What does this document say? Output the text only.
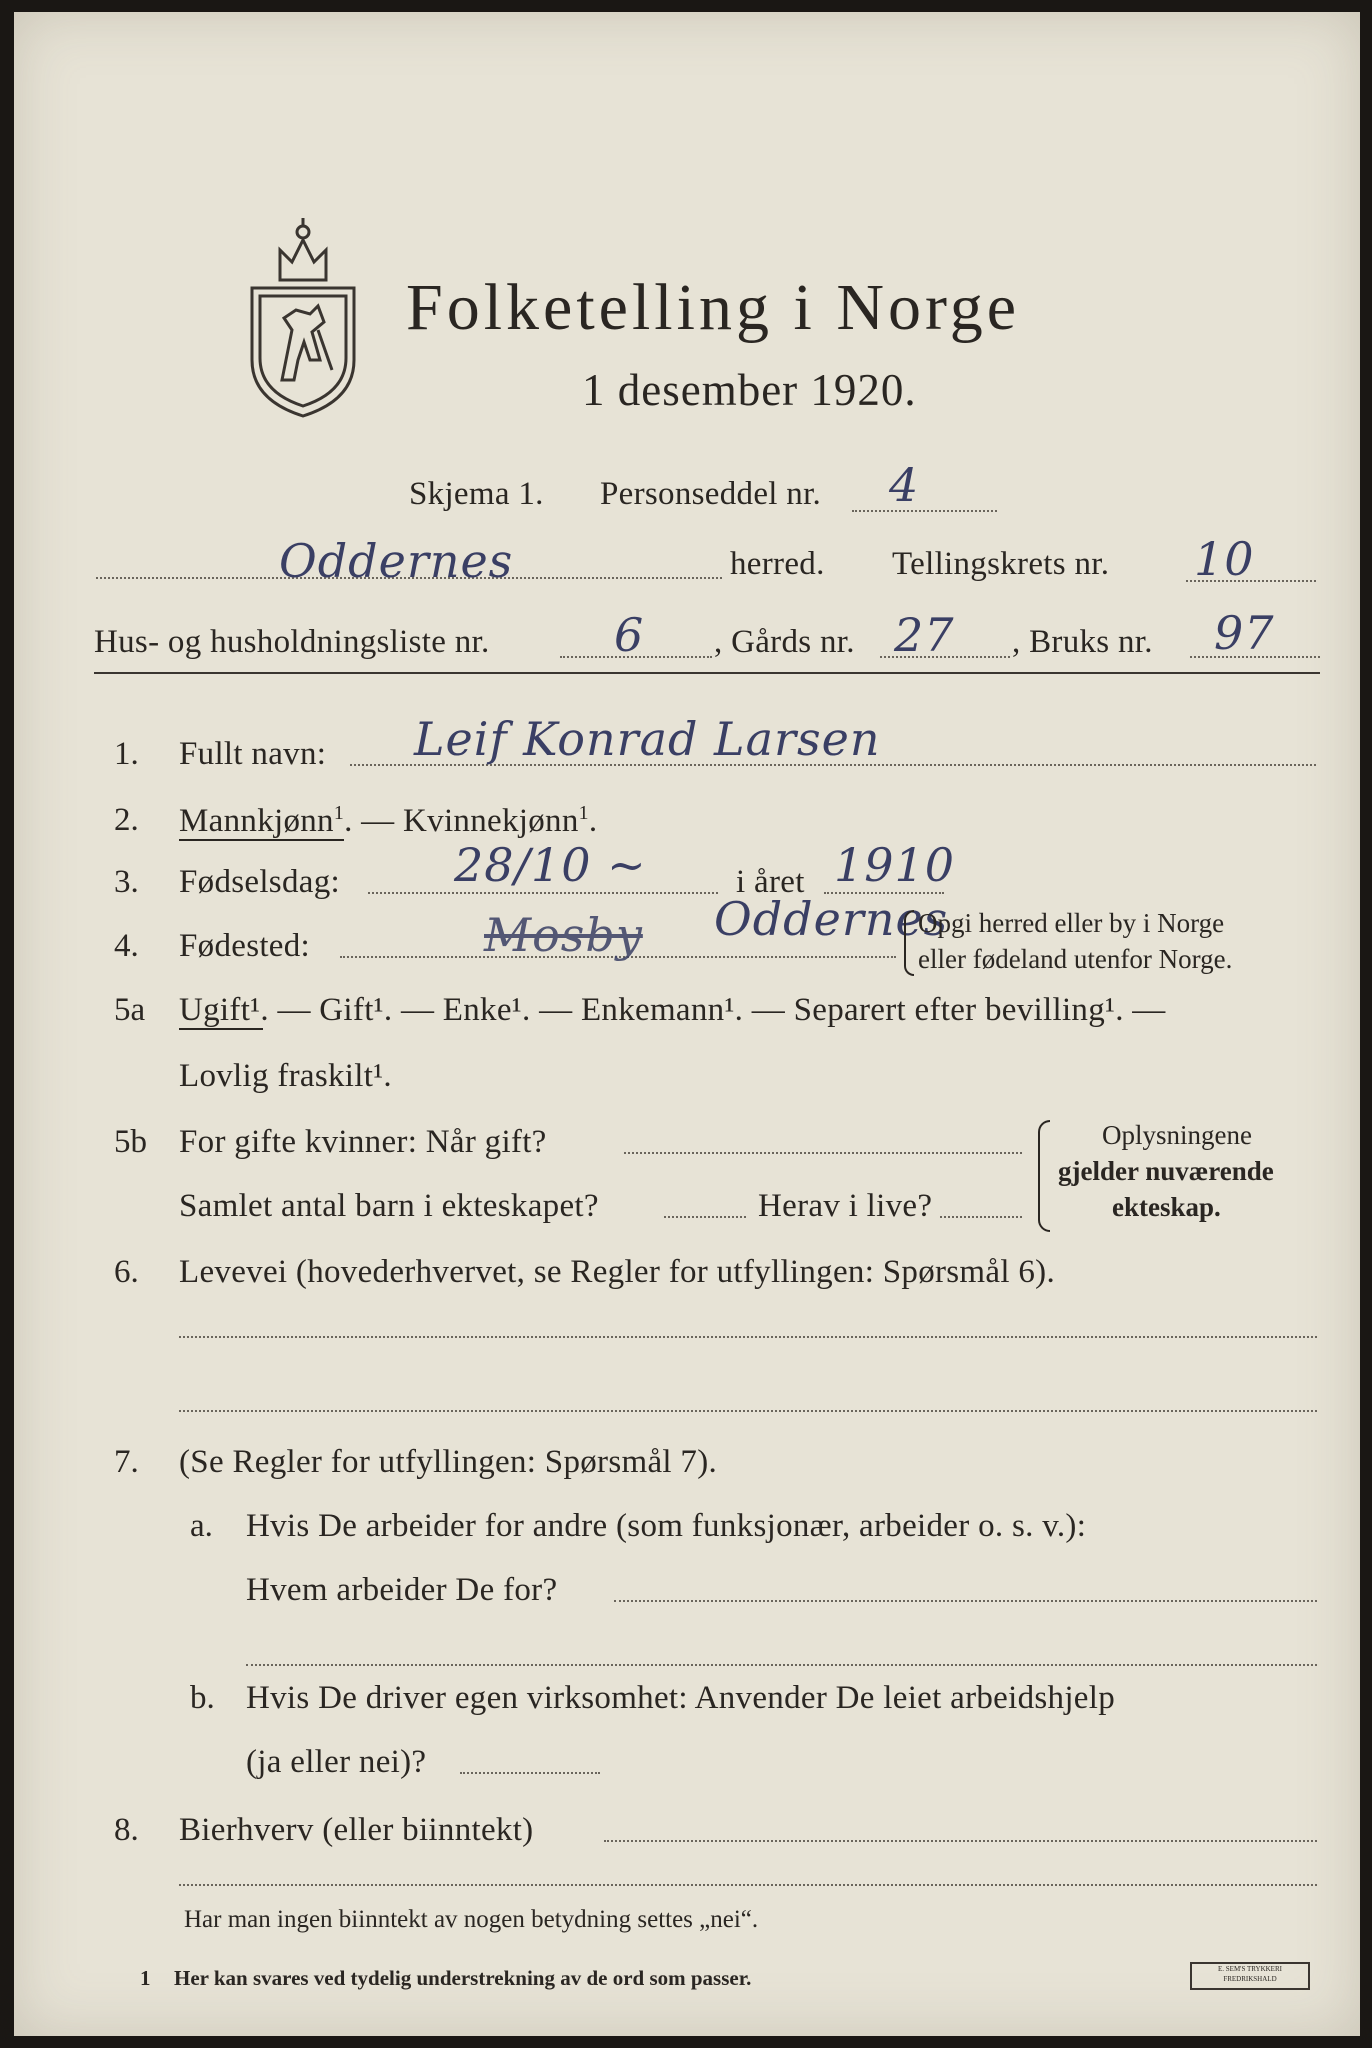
Folketelling i Norge
1 desember 1920.
Skjema 1. Personseddel nr. 4
Oddernes	herred. Tellingskrets nr. 10
Hus- og husholdningsliste nr.	6 , Gårds nr. 27 , Bruks nr. 97
1. Fullt navn: Leif Konrad Larsen
2. Mannkjønn$^1$. — Kvinnekjønn$^1$.
3. Fødselsdag: 28/10 ~	i året 1910
4. Fødested:	Mosby Oddernes
Opgi herred eller by i Norge
eller fødeland utenfor Norge.
5a Ugift¹. — Gift¹. — Enke¹. — Enkemann¹. — Separert efter bevilling¹. —
Lovlig fraskilt¹.
5b For gifte kvinner: Når gift?
Samlet antal barn i ekteskapet?	Herav i live?
Oplysningene
gjelder nuværende
ekteskap.
6. Levevei (hovederhvervet, se Regler for utfyllingen: Spørsmål 6).
7. (Se Regler for utfyllingen: Spørsmål 7).
a. Hvis De arbeider for andre (som funksjonær, arbeider o. s. v.):
Hvem arbeider De for?
b. Hvis De driver egen virksomhet: Anvender De leiet arbeidshjelp
(ja eller nei)?
8. Bierhverv (eller biinntekt)
Har man ingen biinntekt av nogen betydning settes „nei“.
1 Her kan svares ved tydelig understrekning av de ord som passer.	E. SEM'S TRYKKERI FREDRIKSHALD
